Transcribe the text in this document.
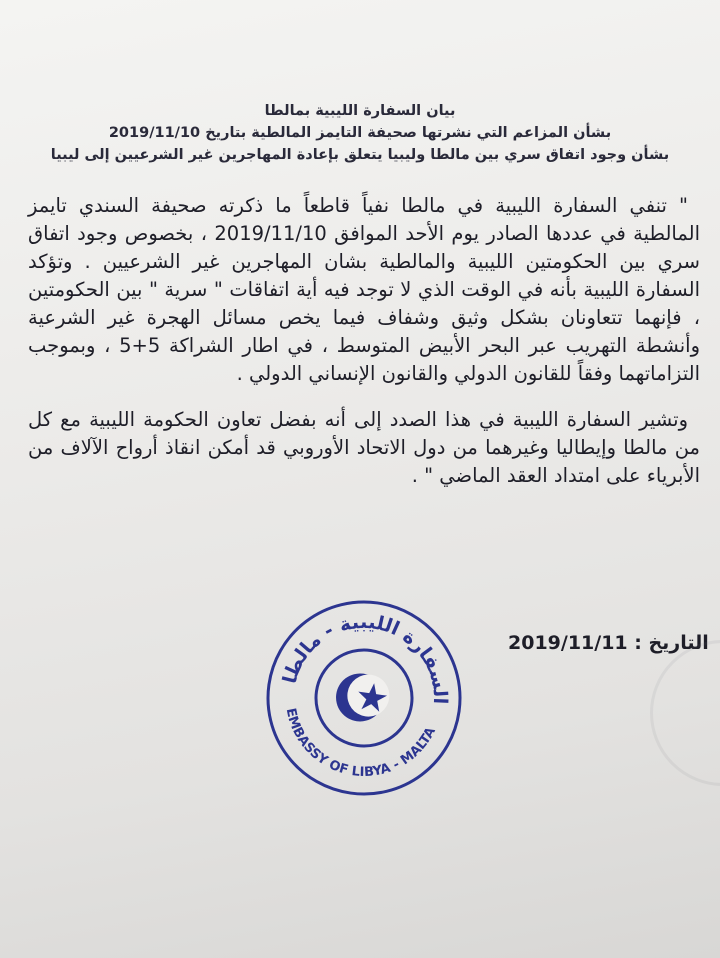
بيان السفارة الليبية بمالطا
بشأن المزاعم التي نشرتها صحيفة التايمز المالطية بتاريخ 2019/11/10
بشأن وجود اتفاق سري بين مالطا وليبيا يتعلق بإعادة المهاجرين غير الشرعيين إلى ليبيا

" تنفي السفارة الليبية في مالطا نفياً قاطعاً ما ذكرته صحيفة السندي تايمز المالطية في عددها الصادر يوم الأحد الموافق 2019/11/10 ، بخصوص وجود اتفاق سري بين الحكومتين الليبية والمالطية بشان المهاجرين غير الشرعيين . وتؤكد السفارة الليبية بأنه في الوقت الذي لا توجد فيه أية اتفاقات " سرية " بين الحكومتين ، فإنهما تتعاونان بشكل وثيق وشفاف فيما يخص مسائل الهجرة غير الشرعية وأنشطة التهريب عبر البحر الأبيض المتوسط ، في اطار الشراكة 5+5 ، وبموجب التزاماتهما وفقاً للقانون الدولي والقانون الإنساني الدولي .

وتشير السفارة الليبية في هذا الصدد إلى أنه بفضل تعاون الحكومة الليبية مع كل من مالطا وإيطاليا وغيرهما من دول الاتحاد الأوروبي قد أمكن انقاذ أرواح الآلاف من الأبرياء على امتداد العقد الماضي " .

التاريخ : 2019/11/11
السفارة الليبية - مالطا
EMBASSY OF LIBYA - MALTA
